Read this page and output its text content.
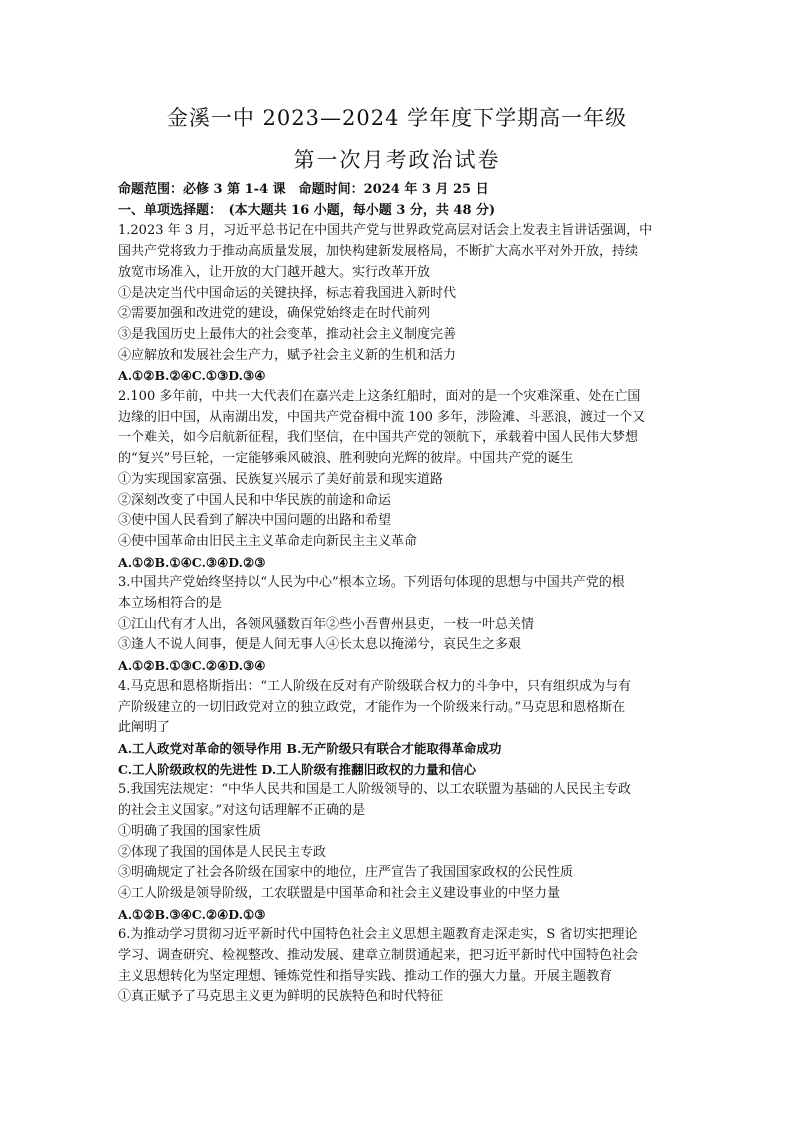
金溪一中 2023—2024 学年度下学期高一年级
第一次月考政治试卷
命题范围：必修 3 第 1-4 课　命题时间：2024 年 3 月 25 日
一、单项选择题：　(本大题共 16 小题，每小题 3 分，共 48 分)
1.2023 年 3 月，习近平总书记在中国共产党与世界政党高层对话会上发表主旨讲话强调，中
国共产党将致力于推动高质量发展，加快构建新发展格局，不断扩大高水平对外开放，持续
放宽市场准入，让开放的大门越开越大。实行改革开放
①是决定当代中国命运的关键抉择，标志着我国进入新时代
②需要加强和改进党的建设，确保党始终走在时代前列
③是我国历史上最伟大的社会变革，推动社会主义制度完善
④应解放和发展社会生产力，赋予社会主义新的生机和活力
A.①②B.②④C.①③D.③④
2.100 多年前，中共一大代表们在嘉兴走上这条红船时，面对的是一个灾难深重、处在亡国
边缘的旧中国，从南湖出发，中国共产党奋楫中流 100 多年，涉险滩、斗恶浪，渡过一个又
一个难关，如今启航新征程，我们坚信，在中国共产党的领航下，承载着中国人民伟大梦想
的“复兴”号巨轮，一定能够乘风破浪、胜利驶向光辉的彼岸。中国共产党的诞生
①为实现国家富强、民族复兴展示了美好前景和现实道路
②深刻改变了中国人民和中华民族的前途和命运
③使中国人民看到了解决中国问题的出路和希望
④使中国革命由旧民主主义革命走向新民主主义革命
A.①②B.①④C.③④D.②③
3.中国共产党始终坚持以“人民为中心”根本立场。下列语句体现的思想与中国共产党的根
本立场相符合的是
①江山代有才人出，各领风骚数百年②些小吾曹州县吏，一枝一叶总关情
③逢人不说人间事，便是人间无事人④长太息以掩涕兮，哀民生之多艰
A.①②B.①③C.②④D.③④
4.马克思和恩格斯指出：“工人阶级在反对有产阶级联合权力的斗争中，只有组织成为与有
产阶级建立的一切旧政党对立的独立政党，才能作为一个阶级来行动。”马克思和恩格斯在
此阐明了
A.工人政党对革命的领导作用 B.无产阶级只有联合才能取得革命成功
C.工人阶级政权的先进性 D.工人阶级有推翻旧政权的力量和信心
5.我国宪法规定：“中华人民共和国是工人阶级领导的、以工农联盟为基础的人民民主专政
的社会主义国家。”对这句话理解不正确的是
①明确了我国的国家性质
②体现了我国的国体是人民民主专政
③明确规定了社会各阶级在国家中的地位，庄严宣告了我国国家政权的公民性质
④工人阶级是领导阶级，工农联盟是中国革命和社会主义建设事业的中坚力量
A.①②B.③④C.②④D.①③
6.为推动学习贯彻习近平新时代中国特色社会主义思想主题教育走深走实，S 省切实把理论
学习、调查研究、检视整改、推动发展、建章立制贯通起来，把习近平新时代中国特色社会
主义思想转化为坚定理想、锤炼党性和指导实践、推动工作的强大力量。开展主题教育
①真正赋予了马克思主义更为鲜明的民族特色和时代特征
